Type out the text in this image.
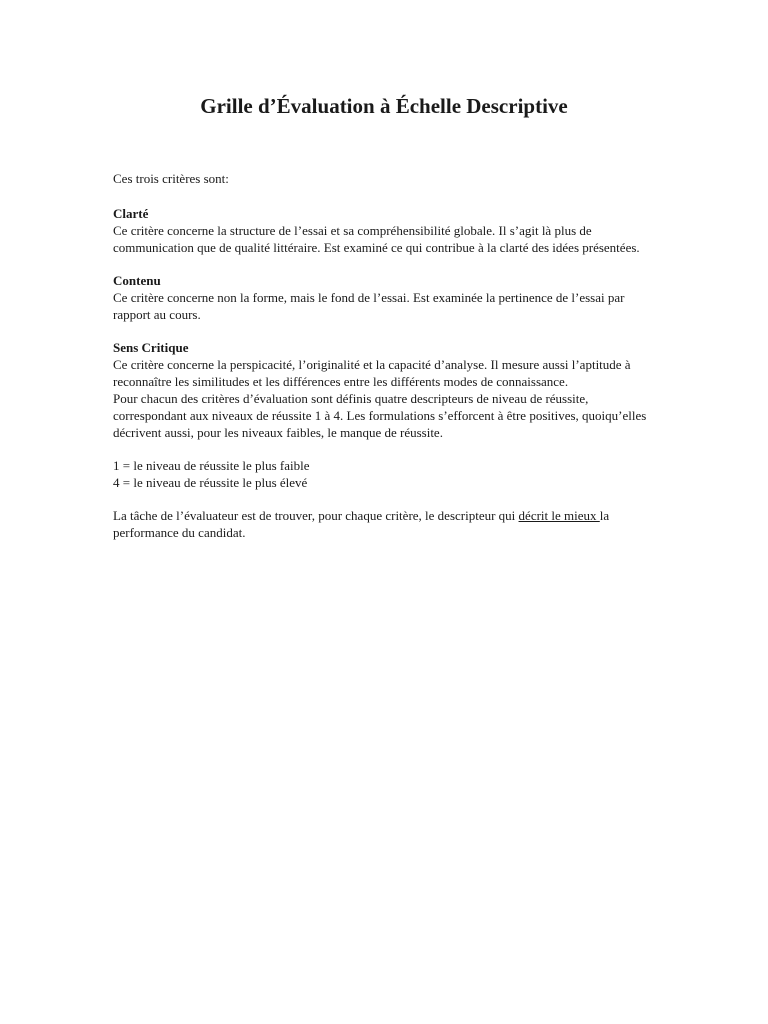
Grille d’Évaluation à Échelle Descriptive

Ces trois critères sont:

Clarté

Ce critère concerne la structure de l’essai et sa compréhensibilité globale. Il s’agit là plus de communication que de qualité littéraire. Est examiné ce qui contribue à la clarté des idées présentées.

Contenu

Ce critère concerne non la forme, mais le fond de l’essai. Est examinée la pertinence de l’essai par rapport au cours.

Sens Critique

Ce critère concerne la perspicacité, l’originalité et la capacité d’analyse. Il mesure aussi l’aptitude à reconnaître les similitudes et les différences entre les différents modes de connaissance.

Pour chacun des critères d’évaluation sont définis quatre descripteurs de niveau de réussite, correspondant aux niveaux de réussite 1 à 4. Les formulations s’efforcent à être positives, quoiqu’elles décrivent aussi, pour les niveaux faibles, le manque de réussite.

1 = le niveau de réussite le plus faible

4 = le niveau de réussite le plus élevé

La tâche de l’évaluateur est de trouver, pour chaque critère, le descripteur qui décrit le mieux la performance du candidat.
